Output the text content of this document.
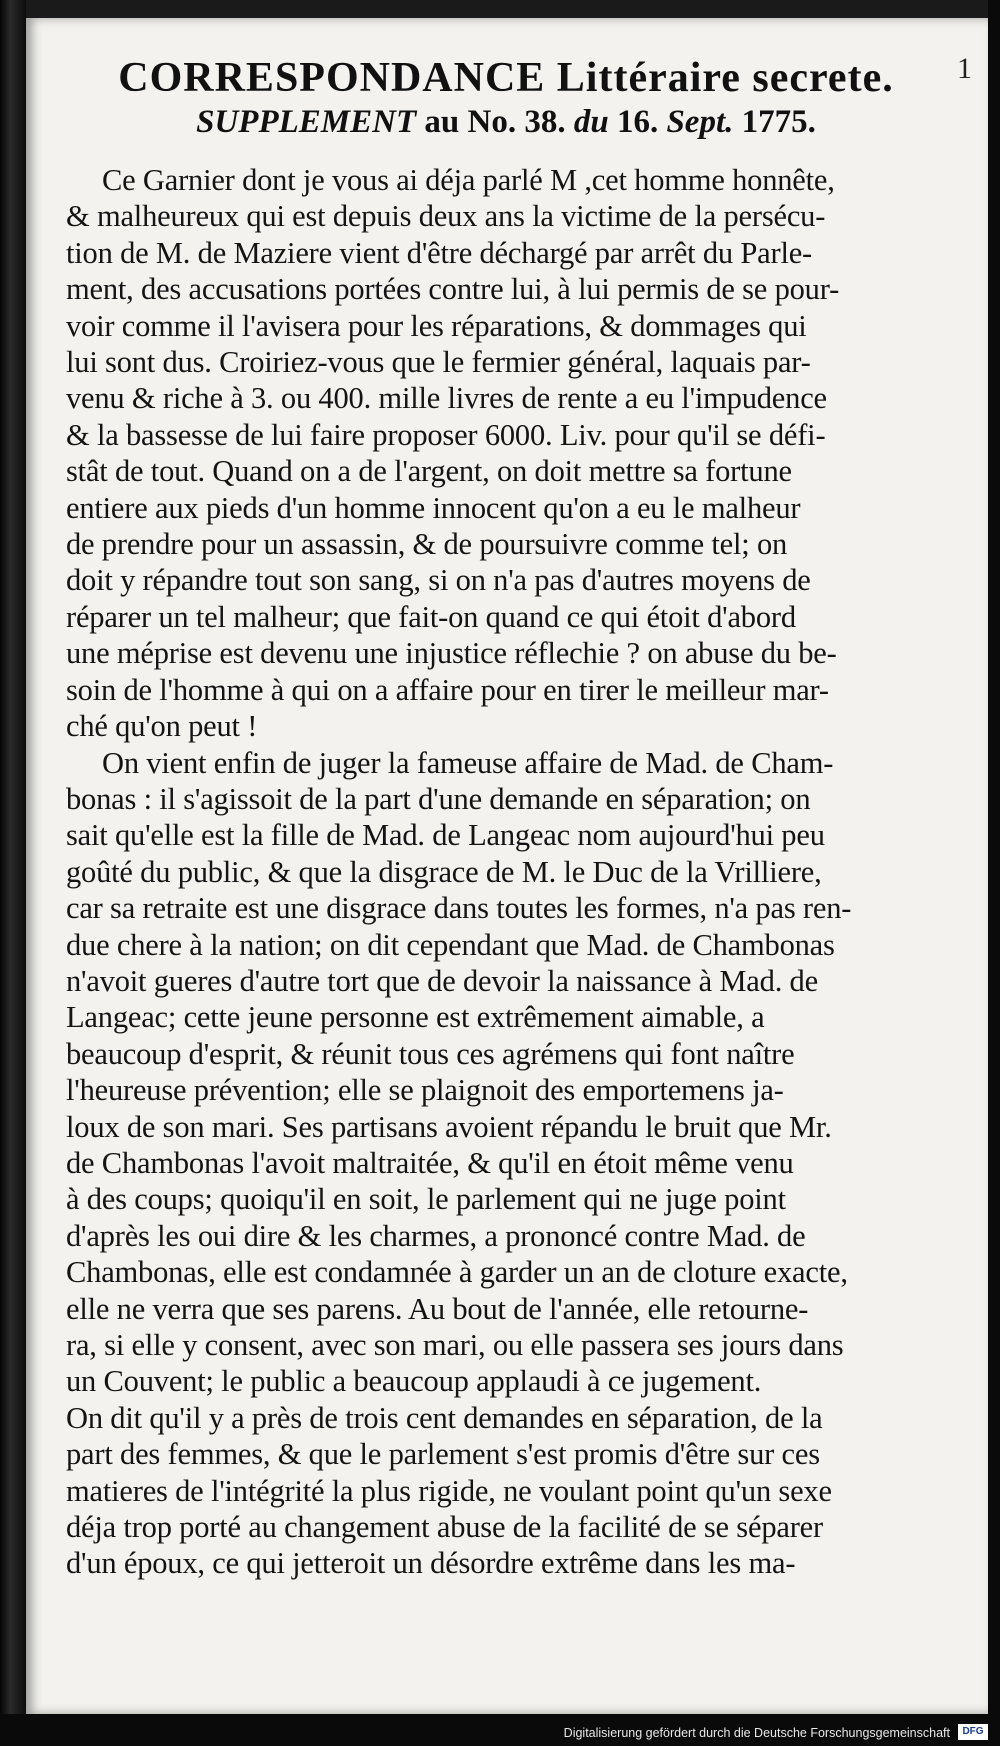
1
CORRESPONDANCE Littéraire secrete.
SUPPLEMENT au No. 38. du 16. Sept. 1775.
Ce Garnier dont je vous ai déja parlé M ,cet homme honnête,
& malheureux qui est depuis deux ans la victime de la persécu-
tion de M. de Maziere vient d'être déchargé par arrêt du Parle-
ment, des accusations portées contre lui, à lui permis de se pour-
voir comme il l'avisera pour les réparations, & dommages qui
lui sont dus. Croiriez-vous que le fermier général, laquais par-
venu & riche à 3. ou 400. mille livres de rente a eu l'impudence
& la bassesse de lui faire proposer 6000. Liv. pour qu'il se défi-
stât de tout. Quand on a de l'argent, on doit mettre sa fortune
entiere aux pieds d'un homme innocent qu'on a eu le malheur
de prendre pour un assassin, & de poursuivre comme tel; on
doit y répandre tout son sang, si on n'a pas d'autres moyens de
réparer un tel malheur; que fait-on quand ce qui étoit d'abord
une méprise est devenu une injustice réflechie ? on abuse du be-
soin de l'homme à qui on a affaire pour en tirer le meilleur mar-
ché qu'on peut !
On vient enfin de juger la fameuse affaire de Mad. de Cham-
bonas : il s'agissoit de la part d'une demande en séparation; on
sait qu'elle est la fille de Mad. de Langeac nom aujourd'hui peu
goûté du public, & que la disgrace de M. le Duc de la Vrilliere,
car sa retraite est une disgrace dans toutes les formes, n'a pas ren-
due chere à la nation; on dit cependant que Mad. de Chambonas
n'avoit gueres d'autre tort que de devoir la naissance à Mad. de
Langeac; cette jeune personne est extrêmement aimable, a
beaucoup d'esprit, & réunit tous ces agrémens qui font naître
l'heureuse prévention; elle se plaignoit des emportemens ja-
loux de son mari. Ses partisans avoient répandu le bruit que Mr.
de Chambonas l'avoit maltraitée, & qu'il en étoit même venu
à des coups; quoiqu'il en soit, le parlement qui ne juge point
d'après les oui dire & les charmes, a prononcé contre Mad. de
Chambonas, elle est condamnée à garder un an de cloture exacte,
elle ne verra que ses parens. Au bout de l'année, elle retourne-
ra, si elle y consent, avec son mari, ou elle passera ses jours dans
un Couvent; le public a beaucoup applaudi à ce jugement.
On dit qu'il y a près de trois cent demandes en séparation, de la
part des femmes, & que le parlement s'est promis d'être sur ces
matieres de l'intégrité la plus rigide, ne voulant point qu'un sexe
déja trop porté au changement abuse de la facilité de se séparer
d'un époux, ce qui jetteroit un désordre extrême dans les ma-
Digitalisierung gefördert durch die Deutsche Forschungsgemeinschaft	DFG
